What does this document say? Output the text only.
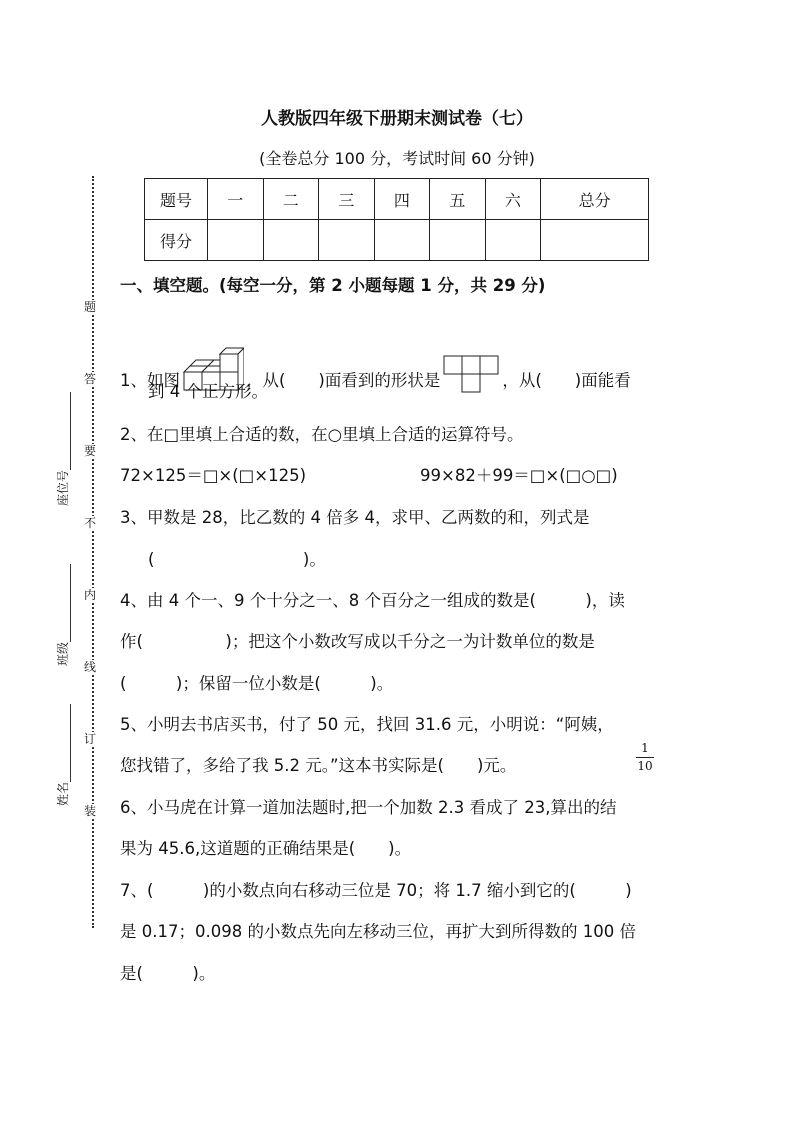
题
答
要
不
内
线
订
装
座位号
班级
姓名
人教版四年级下册期末测试卷（七）
(全卷总分 100 分，考试时间 60 分钟)
题号	一	二	三	四	五	六	总分
得分							
一、填空题。(每空一分，第 2 小题每题 1 分，共 29 分)
1、如图	，从(　　)面看到的形状是	，从(　　)面能看
到 4 个正方形。
2、在□里填上合适的数，在○里填上合适的运算符号。
72×125＝□×(□×125)	99×82＋99＝□×(□○□)
3、甲数是 28，比乙数的 4 倍多 4，求甲、乙两数的和，列式是
(　　　　　　　　　)。
4、由 4 个一、9 个十分之一、8 个百分之一组成的数是(　　　)，读
作(　　　　　)；把这个小数改写成以千分之一为计数单位的数是
(　　　)；保留一位小数是(　　　)。
5、小明去书店买书，付了 50 元，找回 31.6 元，小明说：“阿姨，
您找错了，多给了我 5.2 元。”这本书实际是(　　)元。
1
10
6、小马虎在计算一道加法题时,把一个加数 2.3 看成了 23,算出的结
果为 45.6,这道题的正确结果是(　　)。
7、(　　　)的小数点向右移动三位是 70；将 1.7 缩小到它的(　　　)
是 0.17；0.098 的小数点先向左移动三位，再扩大到所得数的 100 倍
是(　　　)。
